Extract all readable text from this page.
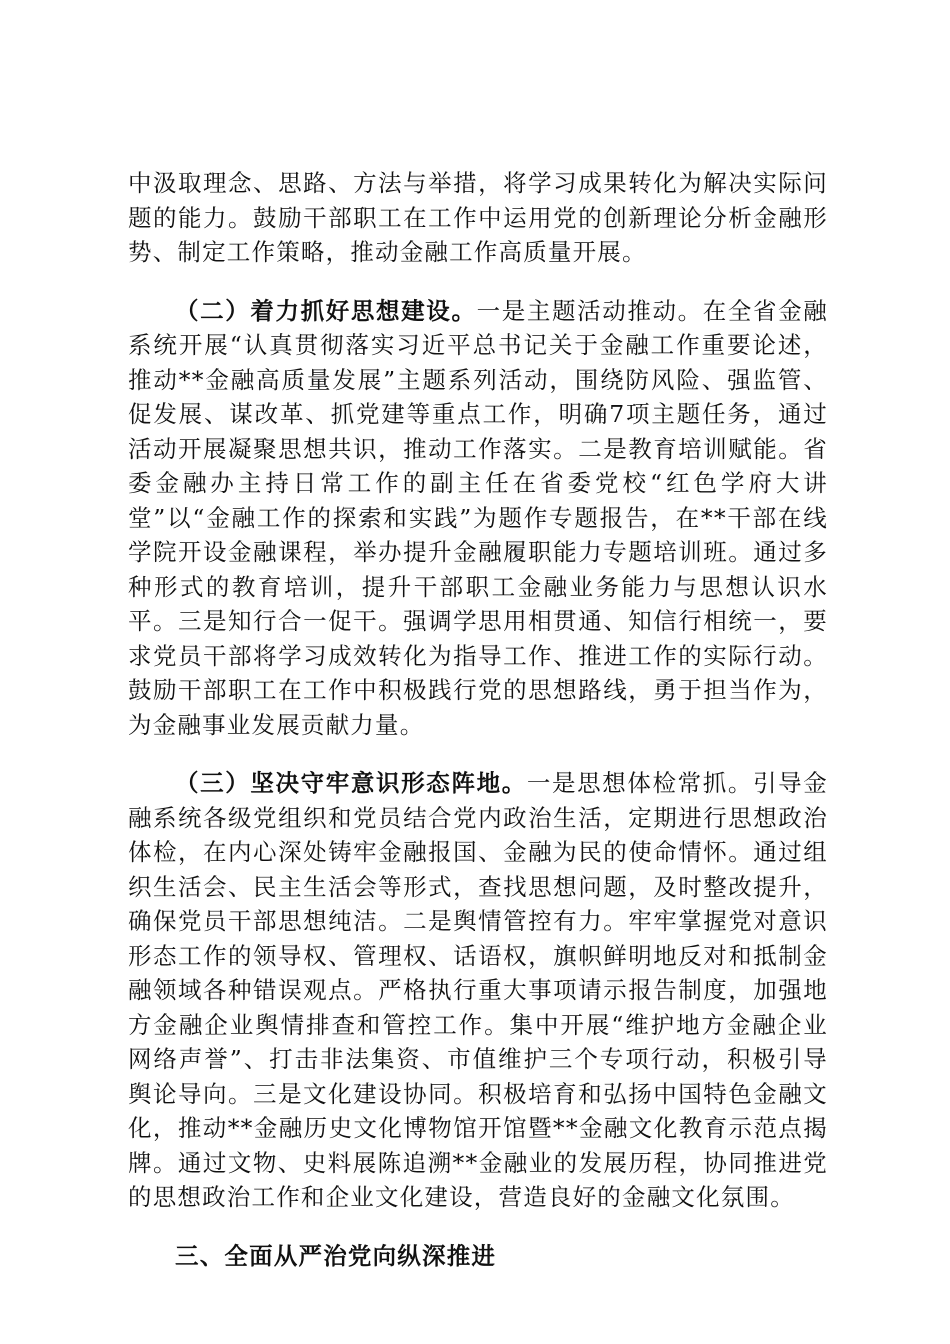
中汲取理念、思路、方法与举措，将学习成果转化为解决实际问题的能力。鼓励干部职工在工作中运用党的创新理论分析金融形势、制定工作策略，推动金融工作高质量开展。

（二）着力抓好思想建设。一是主题活动推动。在全省金融系统开展“认真贯彻落实习近平总书记关于金融工作重要论述，推动**金融高质量发展”主题系列活动，围绕防风险、强监管、促发展、谋改革、抓党建等重点工作，明确7项主题任务，通过活动开展凝聚思想共识，推动工作落实。二是教育培训赋能。省委金融办主持日常工作的副主任在省委党校“红色学府大讲堂”以“金融工作的探索和实践”为题作专题报告，在**干部在线学院开设金融课程，举办提升金融履职能力专题培训班。通过多种形式的教育培训，提升干部职工金融业务能力与思想认识水平。三是知行合一促干。强调学思用相贯通、知信行相统一，要求党员干部将学习成效转化为指导工作、推进工作的实际行动。鼓励干部职工在工作中积极践行党的思想路线，勇于担当作为，为金融事业发展贡献力量。

（三）坚决守牢意识形态阵地。一是思想体检常抓。引导金融系统各级党组织和党员结合党内政治生活，定期进行思想政治体检，在内心深处铸牢金融报国、金融为民的使命情怀。通过组织生活会、民主生活会等形式，查找思想问题，及时整改提升，确保党员干部思想纯洁。二是舆情管控有力。牢牢掌握党对意识形态工作的领导权、管理权、话语权，旗帜鲜明地反对和抵制金融领域各种错误观点。严格执行重大事项请示报告制度，加强地方金融企业舆情排查和管控工作。集中开展“维护地方金融企业网络声誉”、打击非法集资、市值维护三个专项行动，积极引导舆论导向。三是文化建设协同。积极培育和弘扬中国特色金融文化，推动**金融历史文化博物馆开馆暨**金融文化教育示范点揭牌。通过文物、史料展陈追溯**金融业的发展历程，协同推进党的思想政治工作和企业文化建设，营造良好的金融文化氛围。

三、全面从严治党向纵深推进
